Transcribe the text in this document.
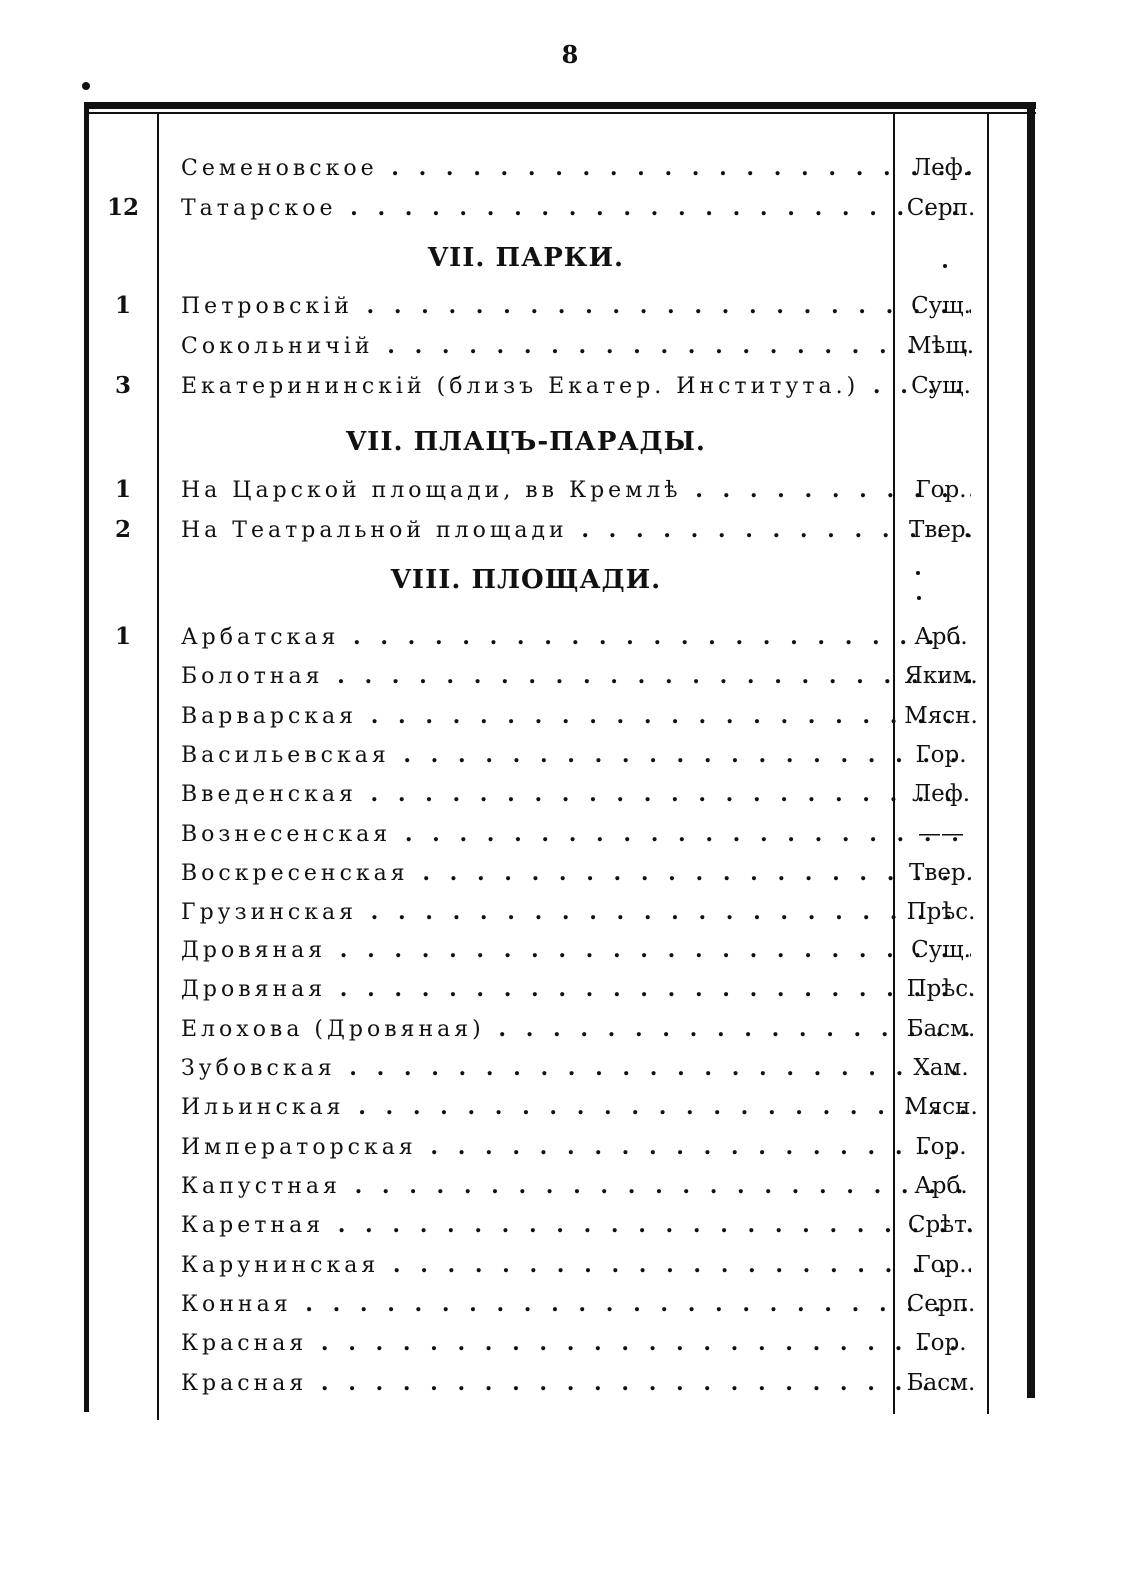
8
Семеновское . . .	Леф.
12	Татарское . . .	Серп.
VII. ПАРКИ.
1	Петровскій . . .	Сущ.
Сокольничій . . .	Мѣщ.
3	Екатерининскій (близъ Екатер. Институтa.) . . .	Сущ.
VII. ПЛАЦЪ-ПАРАДЫ.
1	На Царской площади, вв Кремлѣ . . .	Гор.
2	На Театральной площади . . .	Твер.
VIII. ПЛОЩАДИ.
1	Арбатская . . .	Арб.
Болотная . . .	Яким.
Варварская . . .	Мясн.
Васильевская . . .	Гор.
Введенская . . .	Леф.
Вознесенская . . .	——
Воскресенская . . .	Твер.
Грузинская . . .	Прѣс.
Дровяная . . .	Сущ.
Дровяная . . .	Прѣс.
Елохова (Дровяная) . . .	Басм.
Зубовская . . .	Хам.
Ильинская . . .	Мясн.
Императорская . . .	Гор.
Капустная . . .	Арб.
Каретная . . .	Срѣт.
Карунинская . . .	Гор.
Конная . . .	Серп.
Красная . . .	Гор.
Красная . . .	Басм.
